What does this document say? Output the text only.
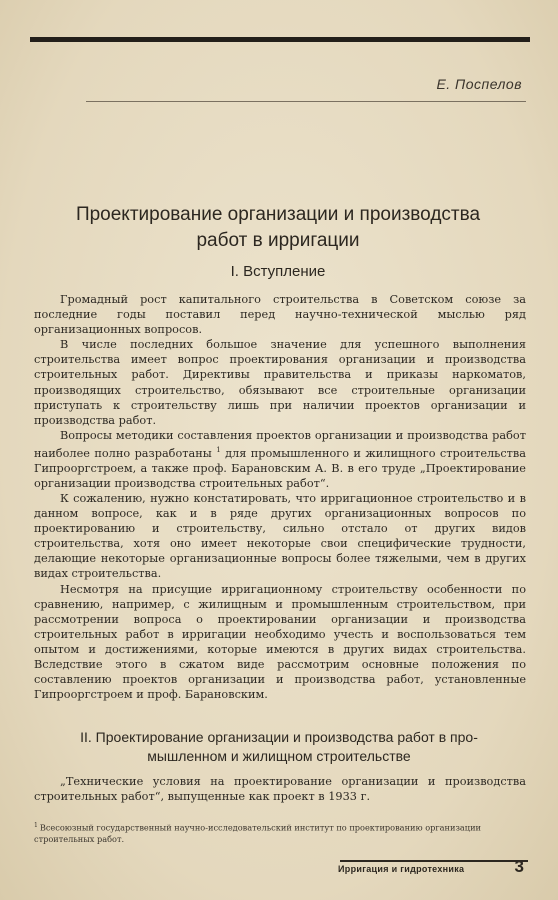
Е. Поспелов
Проектирование организации и производства
работ в ирригации
I. Вступление

Громадный рост капитального строительства в Советском союзе за последние годы поставил перед научно-технической мыслью ряд организационных вопросов.

В числе последних большое значение для успешного выполнения строительства имеет вопрос проектирования организации и производства строительных работ. Директивы правительства и приказы наркоматов, производящих строительство, обязывают все строительные организации приступать к строительству лишь при наличии проектов организации и производства работ.

Вопросы методики составления проектов организации и производства работ наиболее полно разработаны $^1$ для промышленного и жилищного строительства Гипрооргстроем, а также проф. Барановским А. В. в его труде „Проектирование организации производства строительных работ“.

К сожалению, нужно констатировать, что ирригационное строительство и в данном вопросе, как и в ряде других организационных вопросов по проектированию и строительству, сильно отстало от других видов строительства, хотя оно имеет некоторые свои специфические трудности, делающие некоторые организационные вопросы более тяжелыми, чем в других видах строительства.

Несмотря на присущие ирригационному строительству особенности по сравнению, например, с жилищным и промышленным строительством, при рассмотрении вопроса о проектировании организации и производства строительных работ в ирригации необходимо учесть и воспользоваться тем опытом и достижениями, которые имеются в других видах строительства. Вследствие этого в сжатом виде рассмотрим основные положения по составлению проектов организации и производства работ, установленные Гипрооргстроем и проф. Барановским.

II. Проектирование организации и производства работ в про-
мышленном и жилищном строительстве

„Технические условия на проектирование организации и производства строительных работ“, выпущенные как проект в 1933 г.

$^1$ Всесоюзный государственный научно-исследовательский институт по проектированию организации строительных работ.
Ирригация и гидротехника	3
